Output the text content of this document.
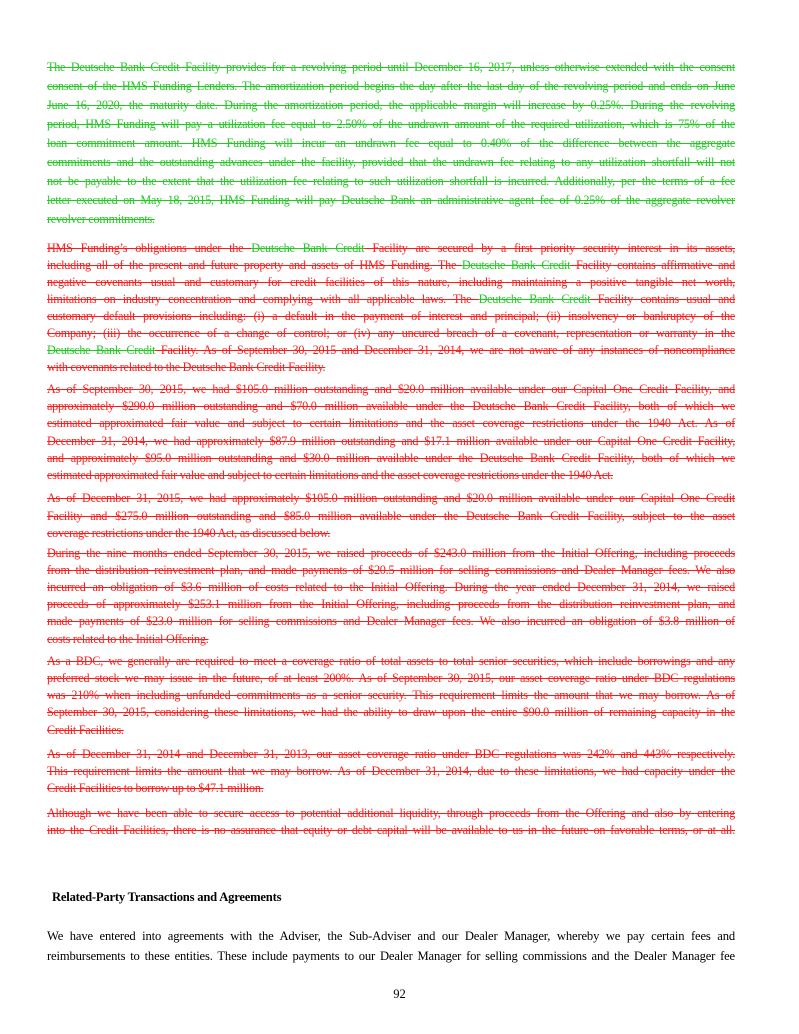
The Deutsche Bank Credit Facility provides for a revolving period until December 16, 2017, unless otherwise extended with the consent
consent of the HMS Funding Lenders. The amortization period begins the day after the last day of the revolving period and ends on June
June 16, 2020, the maturity date. During the amortization period, the applicable margin will increase by 0.25%. During the revolving
period, HMS Funding will pay a utilization fee equal to 2.50% of the undrawn amount of the required utilization, which is 75% of the
loan commitment amount. HMS Funding will incur an undrawn fee equal to 0.40% of the difference between the aggregate
commitments and the outstanding advances under the facility, provided that the undrawn fee relating to any utilization shortfall will not
not be payable to the extent that the utilization fee relating to such utilization shortfall is incurred. Additionally, per the terms of a fee
letter executed on May 18, 2015, HMS Funding will pay Deutsche Bank an administrative agent fee of 0.25% of the aggregate revolver
revolver commitments.
HMS Funding’s obligations under the Deutsche Bank Credit Facility are secured by a first priority security interest in its assets,
including all of the present and future property and assets of HMS Funding. The Deutsche Bank Credit Facility contains affirmative and
negative covenants usual and customary for credit facilities of this nature, including maintaining a positive tangible net worth,
limitations on industry concentration and complying with all applicable laws. The Deutsche Bank Credit Facility contains usual and
customary default provisions including: (i) a default in the payment of interest and principal; (ii) insolvency or bankruptcy of the
Company; (iii) the occurrence of a change of control; or (iv) any uncured breach of a covenant, representation or warranty in the
Deutsche Bank Credit Facility. As of September 30, 2015 and December 31, 2014, we are not aware of any instances of noncompliance
with covenants related to the Deutsche Bank Credit Facility.
As of September 30, 2015, we had $105.0 million outstanding and $20.0 million available under our Capital One Credit Facility, and
approximately $290.0 million outstanding and $70.0 million available under the Deutsche Bank Credit Facility, both of which we
estimated approximated fair value and subject to certain limitations and the asset coverage restrictions under the 1940 Act. As of
December 31, 2014, we had approximately $87.9 million outstanding and $17.1 million available under our Capital One Credit Facility,
and approximately $95.0 million outstanding and $30.0 million available under the Deutsche Bank Credit Facility, both of which we
estimated approximated fair value and subject to certain limitations and the asset coverage restrictions under the 1940 Act.
As of December 31, 2015, we had approximately $105.0 million outstanding and $20.0 million available under our Capital One Credit
Facility and $275.0 million outstanding and $85.0 million available under the Deutsche Bank Credit Facility, subject to the asset
coverage restrictions under the 1940 Act, as discussed below.
During the nine months ended September 30, 2015, we raised proceeds of $243.0 million from the Initial Offering, including proceeds
from the distribution reinvestment plan, and made payments of $20.5 million for selling commissions and Dealer Manager fees. We also
incurred an obligation of $3.6 million of costs related to the Initial Offering. During the year ended December 31, 2014, we raised
proceeds of approximately $253.1 million from the Initial Offering, including proceeds from the distribution reinvestment plan, and
made payments of $23.0 million for selling commissions and Dealer Manager fees. We also incurred an obligation of $3.8 million of
costs related to the Initial Offering.
As a BDC, we generally are required to meet a coverage ratio of total assets to total senior securities, which include borrowings and any
preferred stock we may issue in the future, of at least 200%. As of September 30, 2015, our asset coverage ratio under BDC regulations
was 210% when including unfunded commitments as a senior security. This requirement limits the amount that we may borrow. As of
September 30, 2015, considering these limitations, we had the ability to draw upon the entire $90.0 million of remaining capacity in the
Credit Facilities.
As of December 31, 2014 and December 31, 2013, our asset coverage ratio under BDC regulations was 242% and 443% respectively.
This requirement limits the amount that we may borrow. As of December 31, 2014, due to these limitations, we had capacity under the
Credit Facilities to borrow up to $47.1 million.
Although we have been able to secure access to potential additional liquidity, through proceeds from the Offering and also by entering
into the Credit Facilities, there is no assurance that equity or debt capital will be available to us in the future on favorable terms, or at all.
Related-Party Transactions and Agreements
We have entered into agreements with the Adviser, the Sub-Adviser and our Dealer Manager, whereby we pay certain fees and
reimbursements to these entities. These include payments to our Dealer Manager for selling commissions and the Dealer Manager fee
92
